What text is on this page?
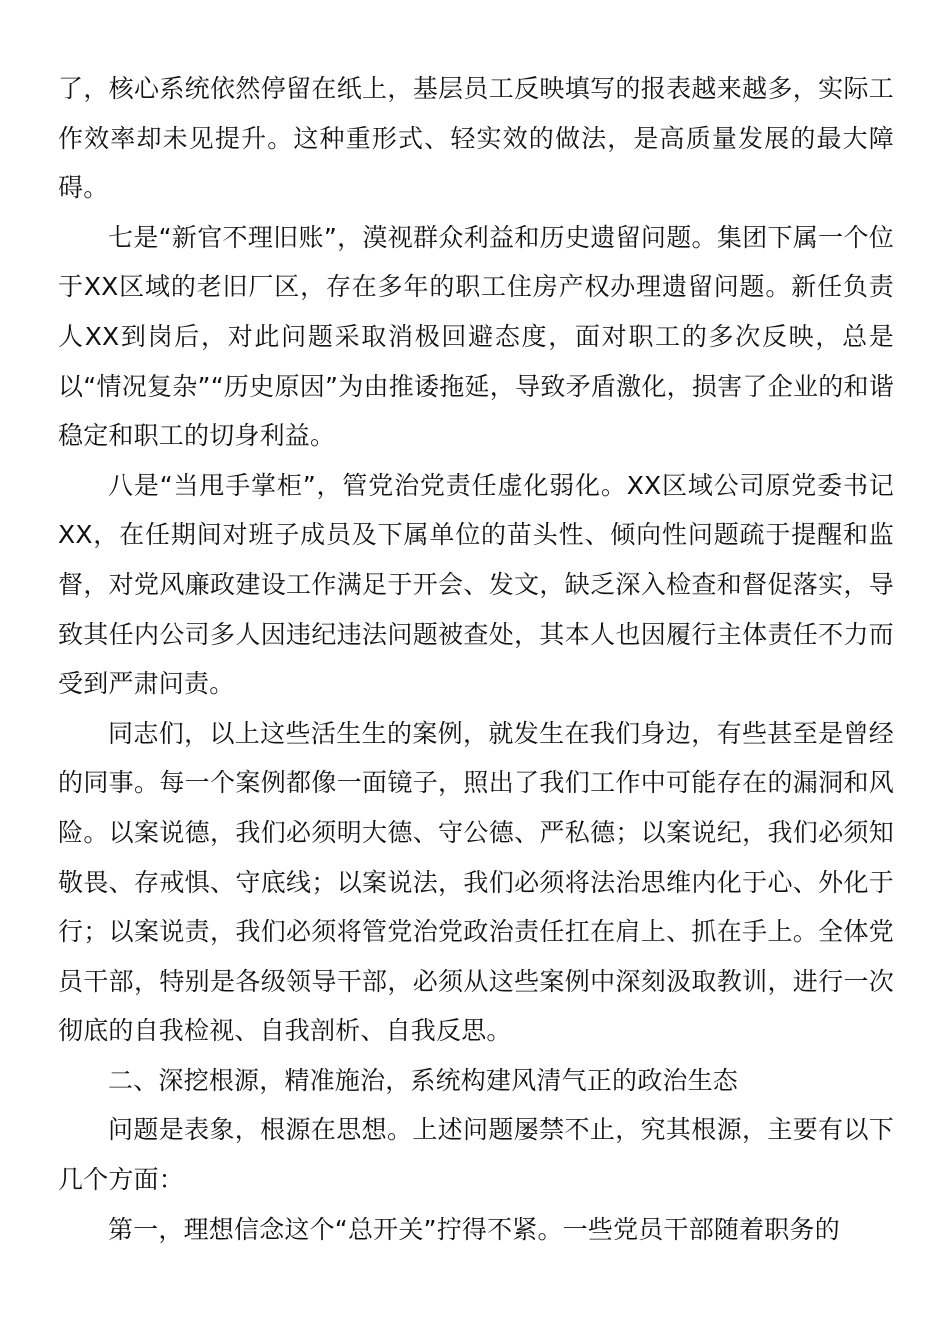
了，核心系统依然停留在纸上，基层员工反映填写的报表越来越多，实际工作效率却未见提升。这种重形式、轻实效的做法，是高质量发展的最大障碍。

七是“新官不理旧账”，漠视群众利益和历史遗留问题。集团下属一个位于XX区域的老旧厂区，存在多年的职工住房产权办理遗留问题。新任负责人XX到岗后，对此问题采取消极回避态度，面对职工的多次反映，总是以“情况复杂”“历史原因”为由推诿拖延，导致矛盾激化，损害了企业的和谐稳定和职工的切身利益。

八是“当甩手掌柜”，管党治党责任虚化弱化。XX区域公司原党委书记XX，在任期间对班子成员及下属单位的苗头性、倾向性问题疏于提醒和监督，对党风廉政建设工作满足于开会、发文，缺乏深入检查和督促落实，导致其任内公司多人因违纪违法问题被查处，其本人也因履行主体责任不力而受到严肃问责。

同志们，以上这些活生生的案例，就发生在我们身边，有些甚至是曾经的同事。每一个案例都像一面镜子，照出了我们工作中可能存在的漏洞和风险。以案说德，我们必须明大德、守公德、严私德；以案说纪，我们必须知敬畏、存戒惧、守底线；以案说法，我们必须将法治思维内化于心、外化于行；以案说责，我们必须将管党治党政治责任扛在肩上、抓在手上。全体党员干部，特别是各级领导干部，必须从这些案例中深刻汲取教训，进行一次彻底的自我检视、自我剖析、自我反思。

二、深挖根源，精准施治，系统构建风清气正的政治生态

问题是表象，根源在思想。上述问题屡禁不止，究其根源，主要有以下几个方面：

第一，理想信念这个“总开关”拧得不紧。一些党员干部随着职务的
